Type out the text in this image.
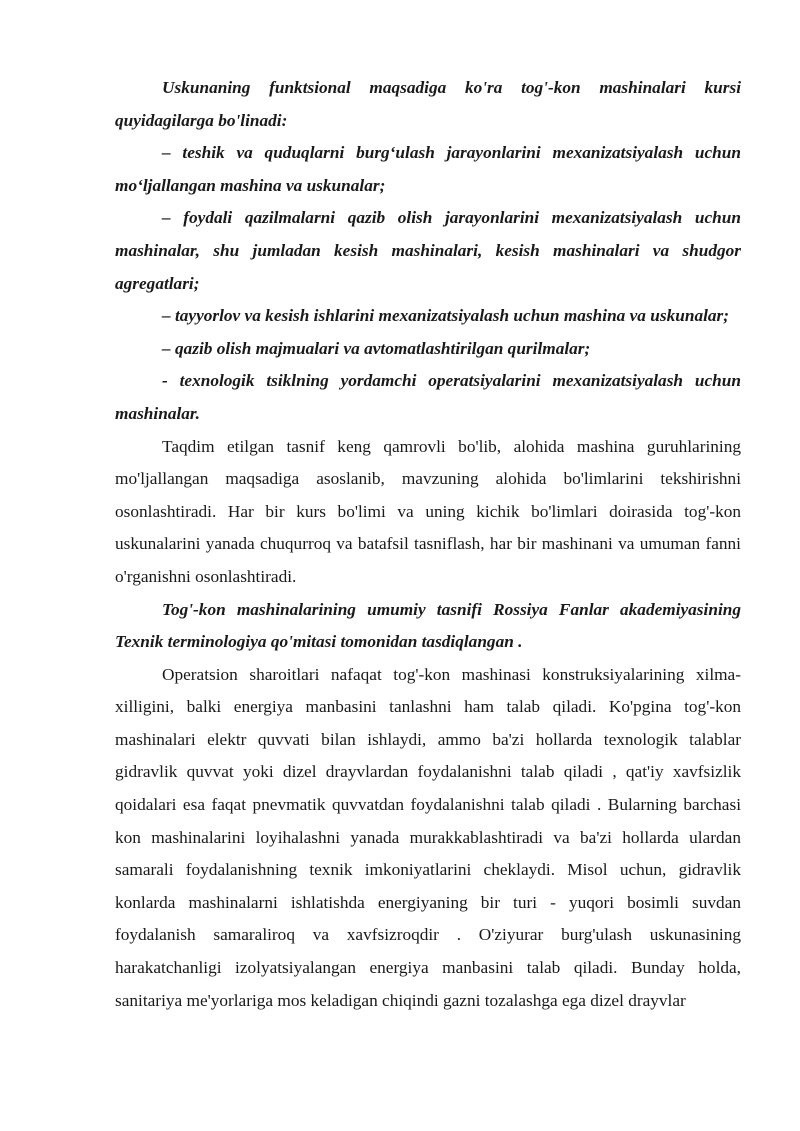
Uskunaning funktsional maqsadiga ko'ra tog'-kon mashinalari kursi quyidagilarga bo'linadi:

– teshik va quduqlarni burg‘ulash jarayonlarini mexanizatsiyalash uchun mo‘ljallangan mashina va uskunalar;

– foydali qazilmalarni qazib olish jarayonlarini mexanizatsiyalash uchun mashinalar, shu jumladan kesish mashinalari, kesish mashinalari va shudgor agregatlari;

– tayyorlov va kesish ishlarini mexanizatsiyalash uchun mashina va uskunalar;

– qazib olish majmualari va avtomatlashtirilgan qurilmalar;

- texnologik tsiklning yordamchi operatsiyalarini mexanizatsiyalash uchun mashinalar.

Taqdim etilgan tasnif keng qamrovli bo'lib, alohida mashina guruhlarining mo'ljallangan maqsadiga asoslanib, mavzuning alohida bo'limlarini tekshirishni osonlashtiradi. Har bir kurs bo'limi va uning kichik bo'limlari doirasida tog'-kon uskunalarini yanada chuqurroq va batafsil tasniflash, har bir mashinani va umuman fanni o'rganishni osonlashtiradi.

Tog'-kon mashinalarining umumiy tasnifi Rossiya Fanlar akademiyasining Texnik terminologiya qo'mitasi tomonidan tasdiqlangan .

Operatsion sharoitlari nafaqat tog'-kon mashinasi konstruksiyalarining xilma-xilligini, balki energiya manbasini tanlashni ham talab qiladi. Ko'pgina tog'-kon mashinalari elektr quvvati bilan ishlaydi, ammo ba'zi hollarda texnologik talablar gidravlik quvvat yoki dizel drayvlardan foydalanishni talab qiladi , qat'iy xavfsizlik qoidalari esa faqat pnevmatik quvvatdan foydalanishni talab qiladi . Bularning barchasi kon mashinalarini loyihalashni yanada murakkablashtiradi va ba'zi hollarda ulardan samarali foydalanishning texnik imkoniyatlarini cheklaydi. Misol uchun, gidravlik konlarda mashinalarni ishlatishda energiyaning bir turi - yuqori bosimli suvdan foydalanish samaraliroq va xavfsizroqdir . O'ziyurar burg'ulash uskunasining harakatchanligi izolyatsiyalangan energiya manbasini talab qiladi. Bunday holda, sanitariya me'yorlariga mos keladigan chiqindi gazni tozalashga ega dizel drayvlar
